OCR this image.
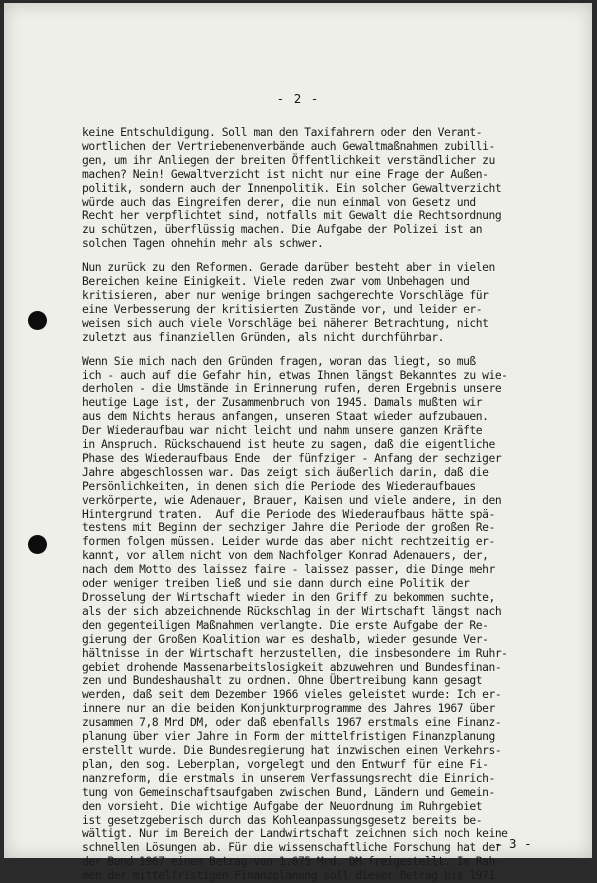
- 2 -
keine Entschuldigung. Soll man den Taxifahrern oder den Verant-
wortlichen der Vertriebenenverbände auch Gewaltmaßnahmen zubilli-
gen, um ihr Anliegen der breiten Öffentlichkeit verständlicher zu
machen? Nein! Gewaltverzicht ist nicht nur eine Frage der Außen-
politik, sondern auch der Innenpolitik. Ein solcher Gewaltverzicht
würde auch das Eingreifen derer, die nun einmal von Gesetz und
Recht her verpflichtet sind, notfalls mit Gewalt die Rechtsordnung
zu schützen, überflüssig machen. Die Aufgabe der Polizei ist an
solchen Tagen ohnehin mehr als schwer.
Nun zurück zu den Reformen. Gerade darüber besteht aber in vielen
Bereichen keine Einigkeit. Viele reden zwar vom Unbehagen und
kritisieren, aber nur wenige bringen sachgerechte Vorschläge für
eine Verbesserung der kritisierten Zustände vor, und leider er-
weisen sich auch viele Vorschläge bei näherer Betrachtung, nicht
zuletzt aus finanziellen Gründen, als nicht durchführbar.
Wenn Sie mich nach den Gründen fragen, woran das liegt, so muß
ich - auch auf die Gefahr hin, etwas Ihnen längst Bekanntes zu wie-
derholen - die Umstände in Erinnerung rufen, deren Ergebnis unsere
heutige Lage ist, der Zusammenbruch von 1945. Damals mußten wir
aus dem Nichts heraus anfangen, unseren Staat wieder aufzubauen.
Der Wiederaufbau war nicht leicht und nahm unsere ganzen Kräfte
in Anspruch. Rückschauend ist heute zu sagen, daß die eigentliche
Phase des Wiederaufbaus Ende  der fünfziger - Anfang der sechziger
Jahre abgeschlossen war. Das zeigt sich äußerlich darin, daß die
Persönlichkeiten, in denen sich die Periode des Wiederaufbaues
verkörperte, wie Adenauer, Brauer, Kaisen und viele andere, in den
Hintergrund traten.  Auf die Periode des Wiederaufbaus hätte spä-
testens mit Beginn der sechziger Jahre die Periode der großen Re-
formen folgen müssen. Leider wurde das aber nicht rechtzeitig er-
kannt, vor allem nicht von dem Nachfolger Konrad Adenauers, der,
nach dem Motto des laissez faire - laissez passer, die Dinge mehr
oder weniger treiben ließ und sie dann durch eine Politik der
Drosselung der Wirtschaft wieder in den Griff zu bekommen suchte,
als der sich abzeichnende Rückschlag in der Wirtschaft längst nach
den gegenteiligen Maßnahmen verlangte. Die erste Aufgabe der Re-
gierung der Großen Koalition war es deshalb, wieder gesunde Ver-
hältnisse in der Wirtschaft herzustellen, die insbesondere im Ruhr-
gebiet drohende Massenarbeitslosigkeit abzuwehren und Bundesfinan-
zen und Bundeshaushalt zu ordnen. Ohne Übertreibung kann gesagt
werden, daß seit dem Dezember 1966 vieles geleistet wurde: Ich er-
innere nur an die beiden Konjunkturprogramme des Jahres 1967 über
zusammen 7,8 Mrd DM, oder daß ebenfalls 1967 erstmals eine Finanz-
planung über vier Jahre in Form der mittelfristigen Finanzplanung
erstellt wurde. Die Bundesregierung hat inzwischen einen Verkehrs-
plan, den sog. Leberplan, vorgelegt und den Entwurf für eine Fi-
nanzreform, die erstmals in unserem Verfassungsrecht die Einrich-
tung von Gemeinschaftsaufgaben zwischen Bund, Ländern und Gemein-
den vorsieht. Die wichtige Aufgabe der Neuordnung im Ruhrgebiet
ist gesetzgeberisch durch das Kohleanpassungsgesetz bereits be-
wältigt. Nur im Bereich der Landwirtschaft zeichnen sich noch keine
schnellen Lösungen ab. Für die wissenschaftliche Forschung hat der
der Bund 1967 einen Betrag von 1,675 Mrd. DM freigestellt. Im Rah-
men der mittelfristigen Finanzplanung soll dieser Betrag bis 1971
- 3 -
